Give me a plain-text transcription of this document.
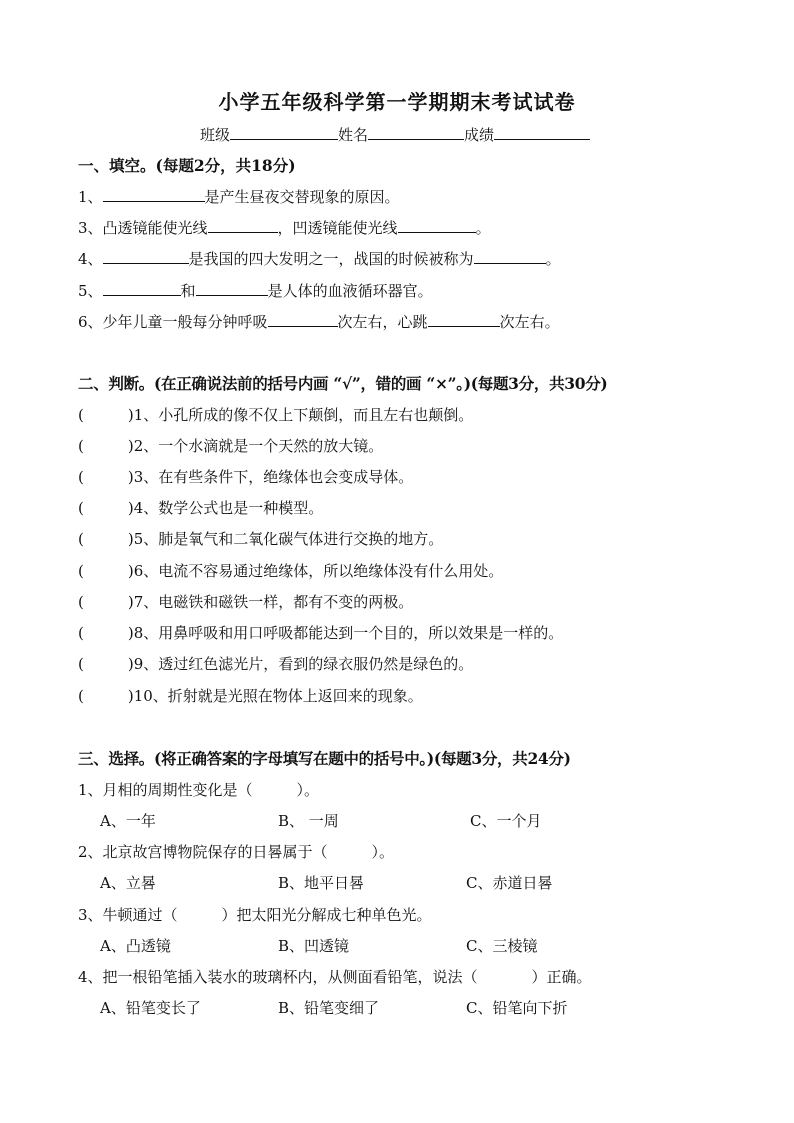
小学五年级科学第一学期期末考试试卷
班级	姓名	成绩
一、填空。(每题2分，共18分)
1、	是产生昼夜交替现象的原因。
3、凸透镜能使光线	，凹透镜能使光线	。
4、	是我国的四大发明之一，战国的时候被称为	。
5、	和	是人体的血液循环器官。
6、少年儿童一般每分钟呼吸	次左右，心跳	次左右。
二、判断。(在正确说法前的括号内画 “√”，错的画 “×”。)(每题3分，共30分)
(	)1、小孔所成的像不仅上下颠倒，而且左右也颠倒。
(	)2、一个水滴就是一个天然的放大镜。
(	)3、在有些条件下，绝缘体也会变成导体。
(	)4、数学公式也是一种模型。
(	)5、肺是氧气和二氧化碳气体进行交换的地方。
(	)6、电流不容易通过绝缘体，所以绝缘体没有什么用处。
(	)7、电磁铁和磁铁一样，都有不变的两极。
(	)8、用鼻呼吸和用口呼吸都能达到一个目的，所以效果是一样的。
(	)9、透过红色滤光片，看到的绿衣服仍然是绿色的。
(	)10、折射就是光照在物体上返回来的现象。
三、选择。(将正确答案的字母填写在题中的括号中。)(每题3分，共24分)
1、月相的周期性变化是（	）。
A、一年	B、 一周	C、一个月
2、北京故宫博物院保存的日晷属于（	）。
A、立晷	B、地平日晷	C、赤道日晷
3、牛顿通过（	）把太阳光分解成七种单色光。
A、凸透镜	B、凹透镜	C、三棱镜
4、把一根铅笔插入装水的玻璃杯内，从侧面看铅笔，说法（	）正确。
A、铅笔变长了	B、铅笔变细了	C、铅笔向下折
